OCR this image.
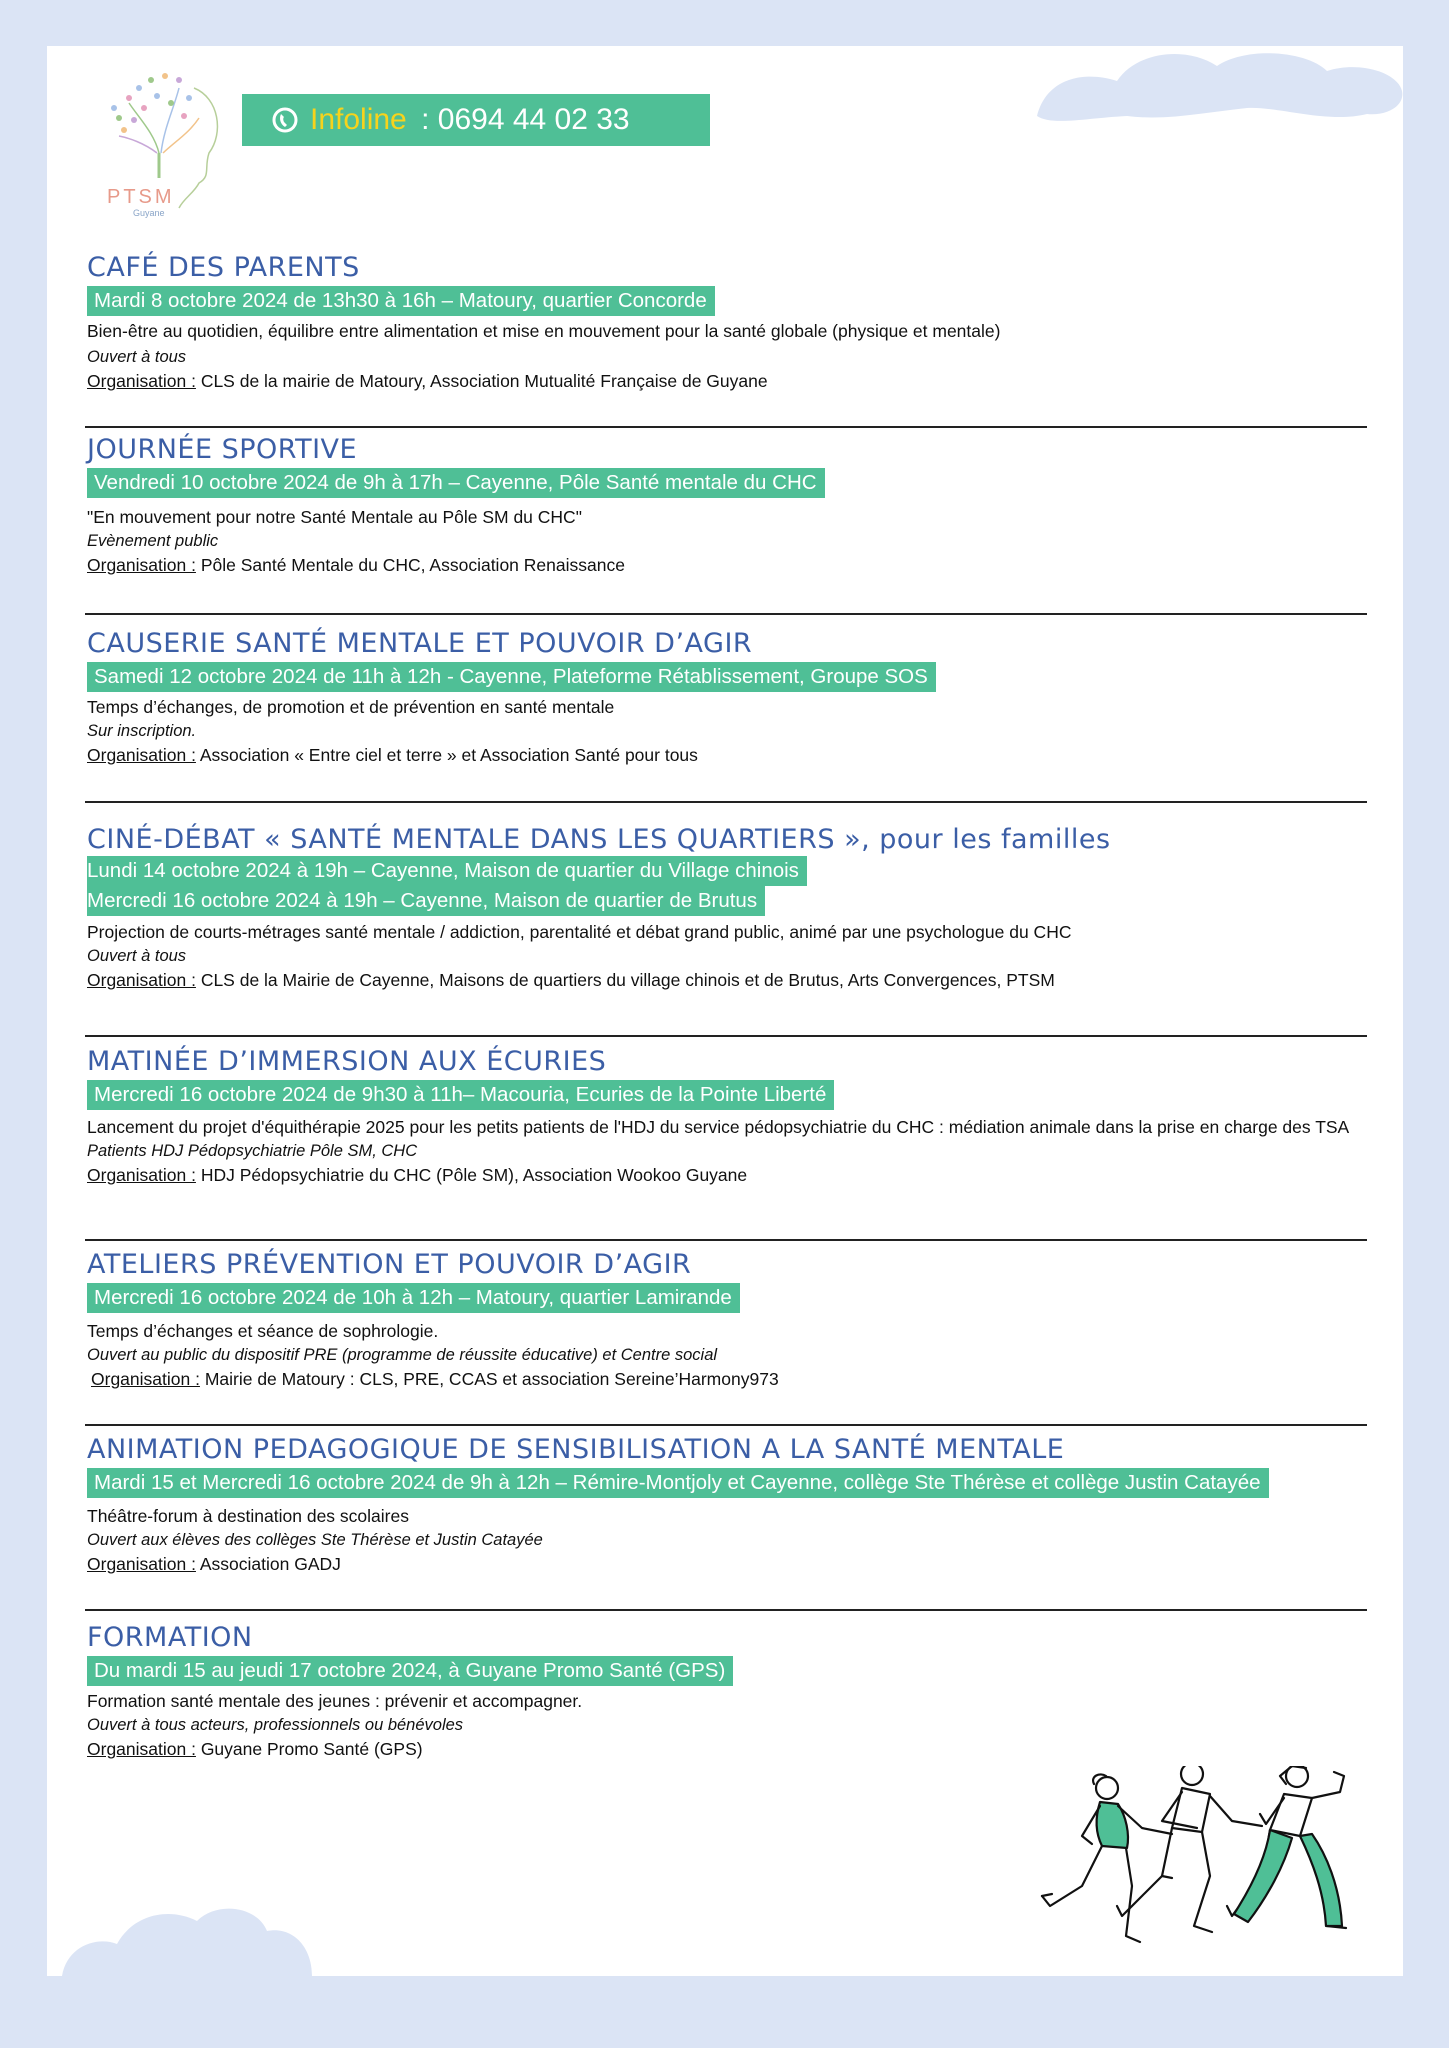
PTSM
Guyane
Infoline : 0694 44 02 33
CAFÉ DES PARENTS
Mardi 8 octobre 2024 de 13h30 à 16h – Matoury, quartier Concorde
Bien-être au quotidien, équilibre entre alimentation et mise en mouvement pour la santé globale (physique et mentale)
Ouvert à tous
Organisation : CLS de la mairie de Matoury, Association Mutualité Française de Guyane
JOURNÉE SPORTIVE
Vendredi 10 octobre 2024 de 9h à 17h – Cayenne, Pôle Santé mentale du CHC
"En mouvement pour notre Santé Mentale au Pôle SM du CHC"
Evènement public
Organisation : Pôle Santé Mentale du CHC, Association Renaissance
CAUSERIE SANTÉ MENTALE ET POUVOIR D’AGIR
Samedi 12 octobre 2024 de 11h à 12h - Cayenne, Plateforme Rétablissement, Groupe SOS
Temps d’échanges, de promotion et de prévention en santé mentale
Sur inscription.
Organisation : Association « Entre ciel et terre » et Association Santé pour tous
CINÉ-DÉBAT « SANTÉ MENTALE DANS LES QUARTIERS », pour les familles
Lundi 14 octobre 2024 à 19h – Cayenne, Maison de quartier du Village chinois
Mercredi 16 octobre 2024 à 19h – Cayenne, Maison de quartier de Brutus
Projection de courts-métrages santé mentale / addiction, parentalité et débat grand public, animé par une psychologue du CHC
Ouvert à tous
Organisation : CLS de la Mairie de Cayenne, Maisons de quartiers du village chinois et de Brutus, Arts Convergences, PTSM
MATINÉE D’IMMERSION AUX ÉCURIES
Mercredi 16 octobre 2024 de 9h30 à 11h– Macouria, Ecuries de la Pointe Liberté
Lancement du projet d'équithérapie 2025 pour les petits patients de l'HDJ du service pédopsychiatrie du CHC : médiation animale dans la prise en charge des TSA
Patients HDJ Pédopsychiatrie Pôle SM, CHC
Organisation : HDJ Pédopsychiatrie du CHC (Pôle SM), Association Wookoo Guyane
ATELIERS PRÉVENTION ET POUVOIR D’AGIR
Mercredi 16 octobre 2024 de 10h à 12h – Matoury, quartier Lamirande
Temps d’échanges et séance de sophrologie.
Ouvert au public du dispositif PRE (programme de réussite éducative) et Centre social
Organisation : Mairie de Matoury : CLS, PRE, CCAS et association Sereine’Harmony973
ANIMATION PEDAGOGIQUE DE SENSIBILISATION A LA SANTÉ MENTALE
Mardi 15 et Mercredi 16 octobre 2024 de 9h à 12h – Rémire-Montjoly et Cayenne, collège Ste Thérèse et collège Justin Catayée
Théâtre-forum à destination des scolaires
Ouvert aux élèves des collèges Ste Thérèse et Justin Catayée
Organisation : Association GADJ
FORMATION
Du mardi 15 au jeudi 17 octobre 2024, à Guyane Promo Santé (GPS)
Formation santé mentale des jeunes : prévenir et accompagner.
Ouvert à tous acteurs, professionnels ou bénévoles
Organisation : Guyane Promo Santé (GPS)
